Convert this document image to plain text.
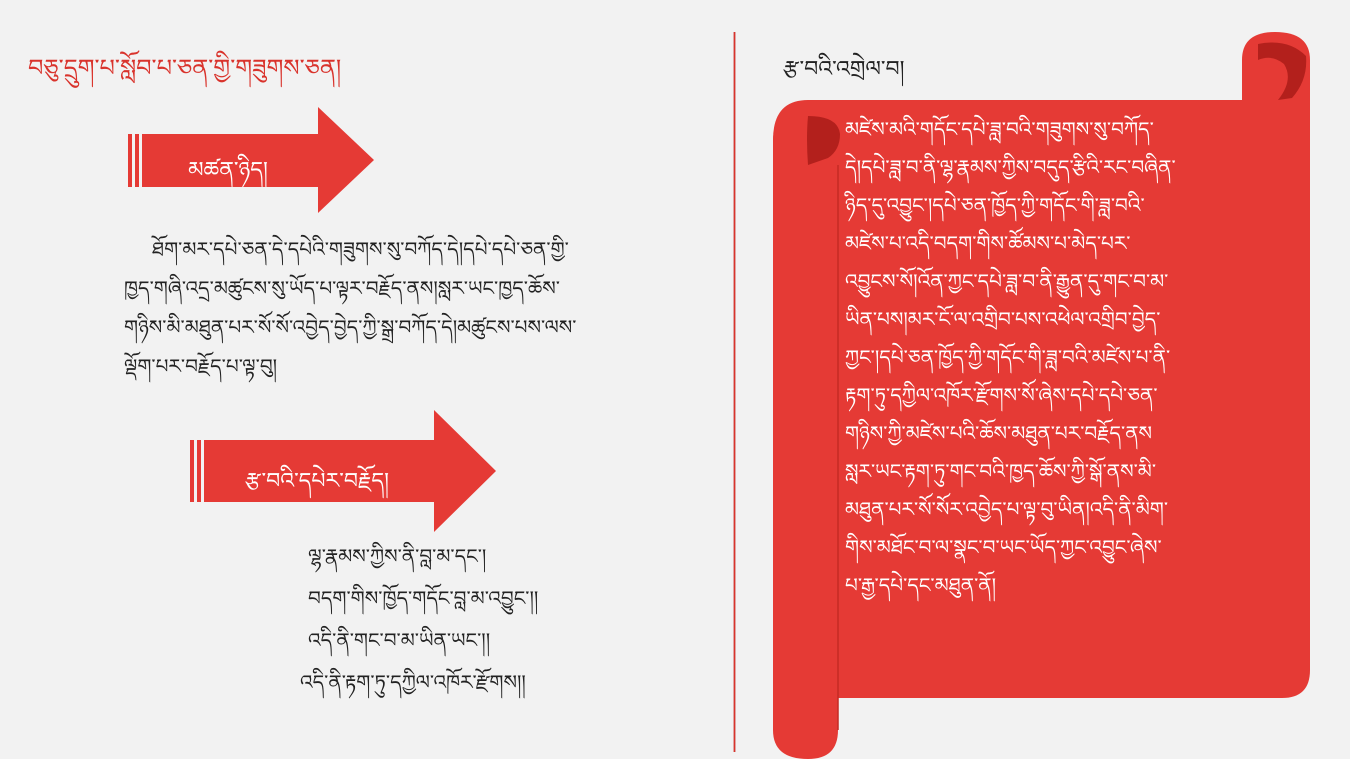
བཅུ་དྲུག་པ་སློབ་པ་ཅན་གྱི་གཟུགས་ཅན།
མཚན་ཉིད།
ཐོག་མར་དཔེ་ཅན་དེ་དཔེའི་གཟུགས་སུ་བཀོད་དེ།དཔེ་དཔེ་ཅན་གྱི་
ཁྱད་གཞི་འདྲ་མཚུངས་སུ་ཡོད་པ་ལྟར་བརྗོད་ནས།སླར་ཡང་ཁྱད་ཆོས་
གཉིས་མི་མཐུན་པར་སོ་སོ་འབྱེད་བྱེད་ཀྱི་སྒྲ་བཀོད་དེ།མཚུངས་པས་ལས་
ལྡོག་པར་བརྗོད་པ་ལྟ་བུ།
རྩ་བའི་དཔེར་བརྗོད།
ལྷ་རྣམས་ཀྱིས་ནི་བླ་མ་དང་།
བདག་གིས་ཁྱོད་གདོང་བླ་མ་འབྱུང་།།
འདི་ནི་གང་བ་མ་ཡིན་ཡང་།།
འདི་ནི་རྟག་ཏུ་དཀྱིལ་འཁོར་རྫོགས།།
རྩ་བའི་འགྲེལ་བ།
མཛེས་མའི་གདོང་དཔེ་ཟླ་བའི་གཟུགས་སུ་བཀོད་
དེ།དཔེ་ཟླ་བ་ནི་ལྷ་རྣམས་ཀྱིས་བདུད་རྩིའི་རང་བཞིན་
ཉིད་དུ་འབྱུང་།དཔེ་ཅན་ཁྱོད་ཀྱི་གདོང་གི་ཟླ་བའི་
མཛེས་པ་འདི་བདག་གིས་ཚོམས་པ་མེད་པར་
འབྱུངས་སོ།འོན་ཀྱང་དཔེ་ཟླ་བ་ནི་རྒྱུན་དུ་གང་བ་མ་
ཡིན་པས།མར་ངོ་ལ་འགྲིབ་པས་འཕེལ་འགྲིབ་བྱེད་
ཀྱང་།དཔེ་ཅན་ཁྱོད་ཀྱི་གདོང་གི་ཟླ་བའི་མཛེས་པ་ནི་
རྟག་ཏུ་དཀྱིལ་འཁོར་རྫོགས་སོ་ཞེས་དཔེ་དཔེ་ཅན་
གཉིས་ཀྱི་མཛེས་པའི་ཆོས་མཐུན་པར་བརྗོད་ནས
སླར་ཡང་རྟག་ཏུ་གང་བའི་ཁྱད་ཆོས་ཀྱི་སྒོ་ནས་མི་
མཐུན་པར་སོ་སོར་འབྱེད་པ་ལྟ་བུ་ཡིན།འདི་ནི་མིག་
གིས་མཐོང་བ་ལ་སྣང་བ་ཡང་ཡོད་ཀྱང་འབྱུང་ཞེས་
པ་རྒྱ་དཔེ་དང་མཐུན་ནོ།
